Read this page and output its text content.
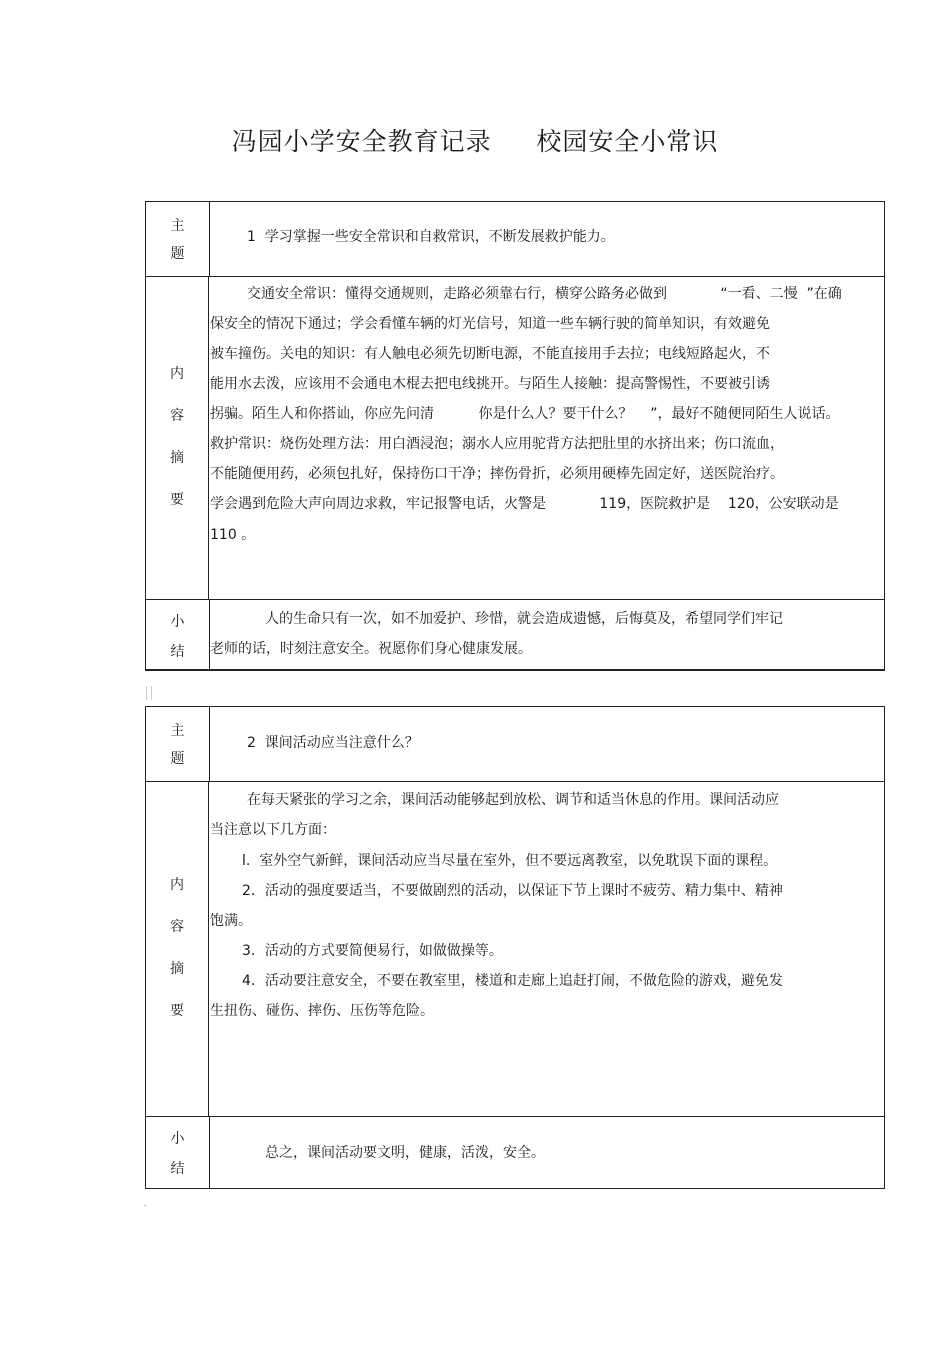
冯园小学安全教育记录     校园安全小常识
主
题
1  学习掌握一些安全常识和自救常识，不断发展救护能力。
内
容
摘
要
交通安全常识：懂得交通规则，走路必须靠右行，横穿公路务必做到            “一看、二慢  ”在确
保安全的情况下通过；学会看懂车辆的灯光信号，知道一些车辆行驶的简单知识，有效避免
被车撞伤。关电的知识：有人触电必须先切断电源，不能直接用手去拉；电线短路起火，不
能用水去泼，应该用不会通电木棍去把电线挑开。与陌生人接触：提高警惕性，不要被引诱
拐骗。陌生人和你搭讪，你应先问清          你是什么人？要干什么？    ”，最好不随便同陌生人说话。
救护常识：烧伤处理方法：用白酒浸泡；溺水人应用驼背方法把肚里的水挤出来；伤口流血，
不能随便用药，必须包扎好，保持伤口干净；摔伤骨折，必须用硬棒先固定好，送医院治疗。
学会遇到危险大声向周边求救，牢记报警电话，火警是            119，医院救护是    120，公安联动是
110 。
小
结
人的生命只有一次，如不加爱护、珍惜，就会造成遗憾，后悔莫及，希望同学们牢记
老师的话，时刻注意安全。祝愿你们身心健康发展。
主
题
2  课间活动应当注意什么？
内
容
摘
要
在每天紧张的学习之余，课间活动能够起到放松、调节和适当休息的作用。课间活动应
当注意以下几方面：
l.  室外空气新鲜，课间活动应当尽量在室外，但不要远离教室，以免耽误下面的课程。
2．活动的强度要适当，不要做剧烈的活动，以保证下节上课时不疲劳、精力集中、精神
饱满。
3．活动的方式要简便易行，如做做操等。
4．活动要注意安全，不要在教室里，楼道和走廊上追赶打闹，不做危险的游戏，避免发
生扭伤、碰伤、摔伤、压伤等危险。
小
结
总之，课间活动要文明，健康，活泼，安全。
